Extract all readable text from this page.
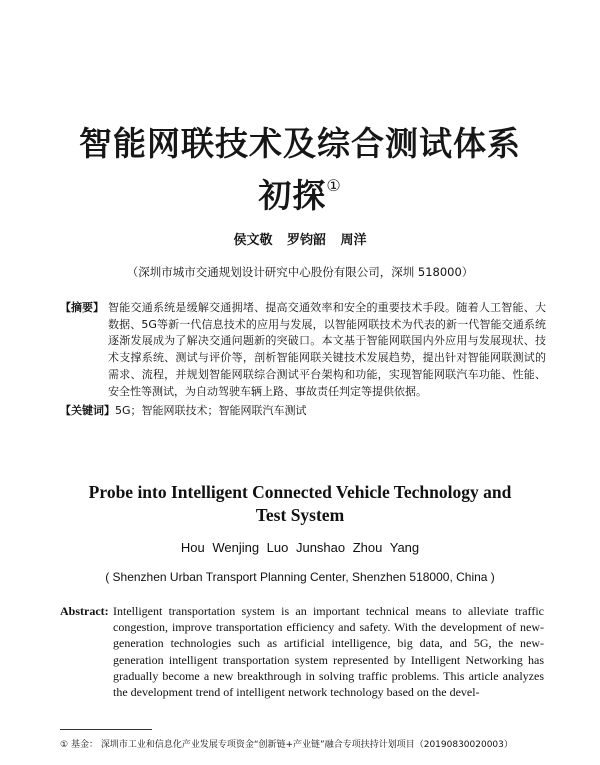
智能网联技术及综合测试体系
初探①
侯文敬 罗钧韶 周洋
（深圳市城市交通规划设计研究中心股份有限公司，深圳 518000）
【摘要】 智能交通系统是缓解交通拥堵、提高交通效率和安全的重要技术手段。随着人工智能、大数据、5G等新一代信息技术的应用与发展，以智能网联技术为代表的新一代智能交通系统逐渐发展成为了解决交通问题新的突破口。本文基于智能网联国内外应用与发展现状、技术支撑系统、测试与评价等，剖析智能网联关键技术发展趋势，提出针对智能网联测试的需求、流程，并规划智能网联综合测试平台架构和功能，实现智能网联汽车功能、性能、安全性等测试，为自动驾驶车辆上路、事故责任判定等提供依据。
【关键词】5G；智能网联技术；智能网联汽车测试
Probe into Intelligent Connected Vehicle Technology and
Test System
Hou Wenjing Luo Junshao Zhou Yang
( Shenzhen Urban Transport Planning Center, Shenzhen 518000, China )
Abstract: Intelligent transportation system is an important technical means to alleviate traffic congestion, improve transportation efficiency and safety. With the development of new-generation technologies such as artificial intelligence, big data, and 5G, the new-generation intelligent transportation system represented by Intelligent Networking has gradually become a new breakthrough in solving traffic problems. This article analyzes the development trend of intelligent network technology based on the devel-
① 基金： 深圳市工业和信息化产业发展专项资金“创新链+产业链”融合专项扶持计划项目（20190830020003）
